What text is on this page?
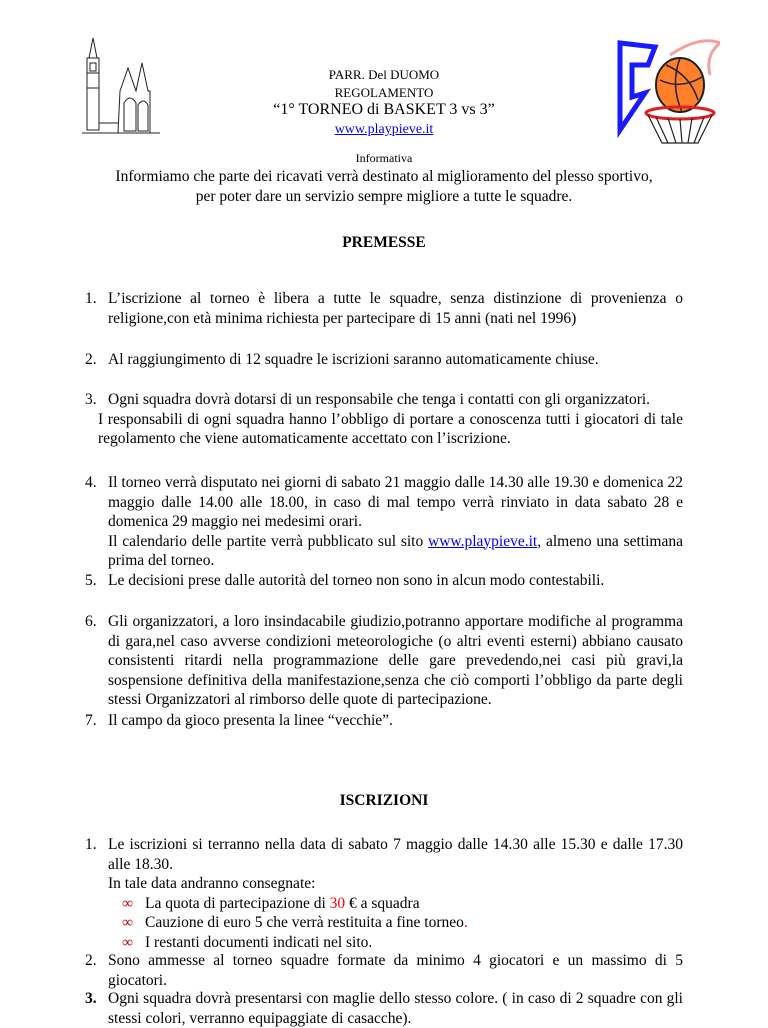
PARR. Del DUOMO
REGOLAMENTO
“1° TORNEO di BASKET 3 vs 3”
www.playpieve.it
Informativa
Informiamo che parte dei ricavati verrà destinato al miglioramento del plesso sportivo, per poter dare un servizio sempre migliore a tutte le squadre.
PREMESSE
1. L’iscrizione al torneo è libera a tutte le squadre, senza distinzione di provenienza o religione,con età minima richiesta per partecipare di 15 anni (nati nel 1996)
2. Al raggiungimento di 12 squadre le iscrizioni saranno automaticamente chiuse.
3. Ogni squadra dovrà dotarsi di un responsabile che tenga i contatti con gli organizzatori.
I responsabili di ogni squadra hanno l’obbligo di portare a conoscenza tutti i giocatori di tale regolamento che viene automaticamente accettato con l’iscrizione.
4. Il torneo verrà disputato nei giorni di sabato 21 maggio dalle 14.30 alle 19.30 e domenica 22 maggio dalle 14.00 alle 18.00, in caso di mal tempo verrà rinviato in data sabato 28 e domenica 29 maggio nei medesimi orari.
Il calendario delle partite verrà pubblicato sul sito www.playpieve.it, almeno una settimana prima del torneo.
5. Le decisioni prese dalle autorità del torneo non sono in alcun modo contestabili.
6. Gli organizzatori, a loro insindacabile giudizio,potranno apportare modifiche al programma di gara,nel caso avverse condizioni meteorologiche (o altri eventi esterni) abbiano causato consistenti ritardi nella programmazione delle gare prevedendo,nei casi più gravi,la sospensione definitiva della manifestazione,senza che ciò comporti l’obbligo da parte degli stessi Organizzatori al rimborso delle quote di partecipazione.
7. Il campo da gioco presenta la linee “vecchie”.
ISCRIZIONI
1. Le iscrizioni si terranno nella data di sabato 7 maggio dalle 14.30 alle 15.30 e dalle 17.30 alle 18.30.
In tale data andranno consegnate:
∞ La quota di partecipazione di 30 € a squadra
∞ Cauzione di euro 5 che verrà restituita a fine torneo.
∞ I restanti documenti indicati nel sito.
2. Sono ammesse al torneo squadre formate da minimo 4 giocatori e un massimo di 5 giocatori.
3. Ogni squadra dovrà presentarsi con maglie dello stesso colore. ( in caso di 2 squadre con gli stessi colori, verranno equipaggiate di casacche).
